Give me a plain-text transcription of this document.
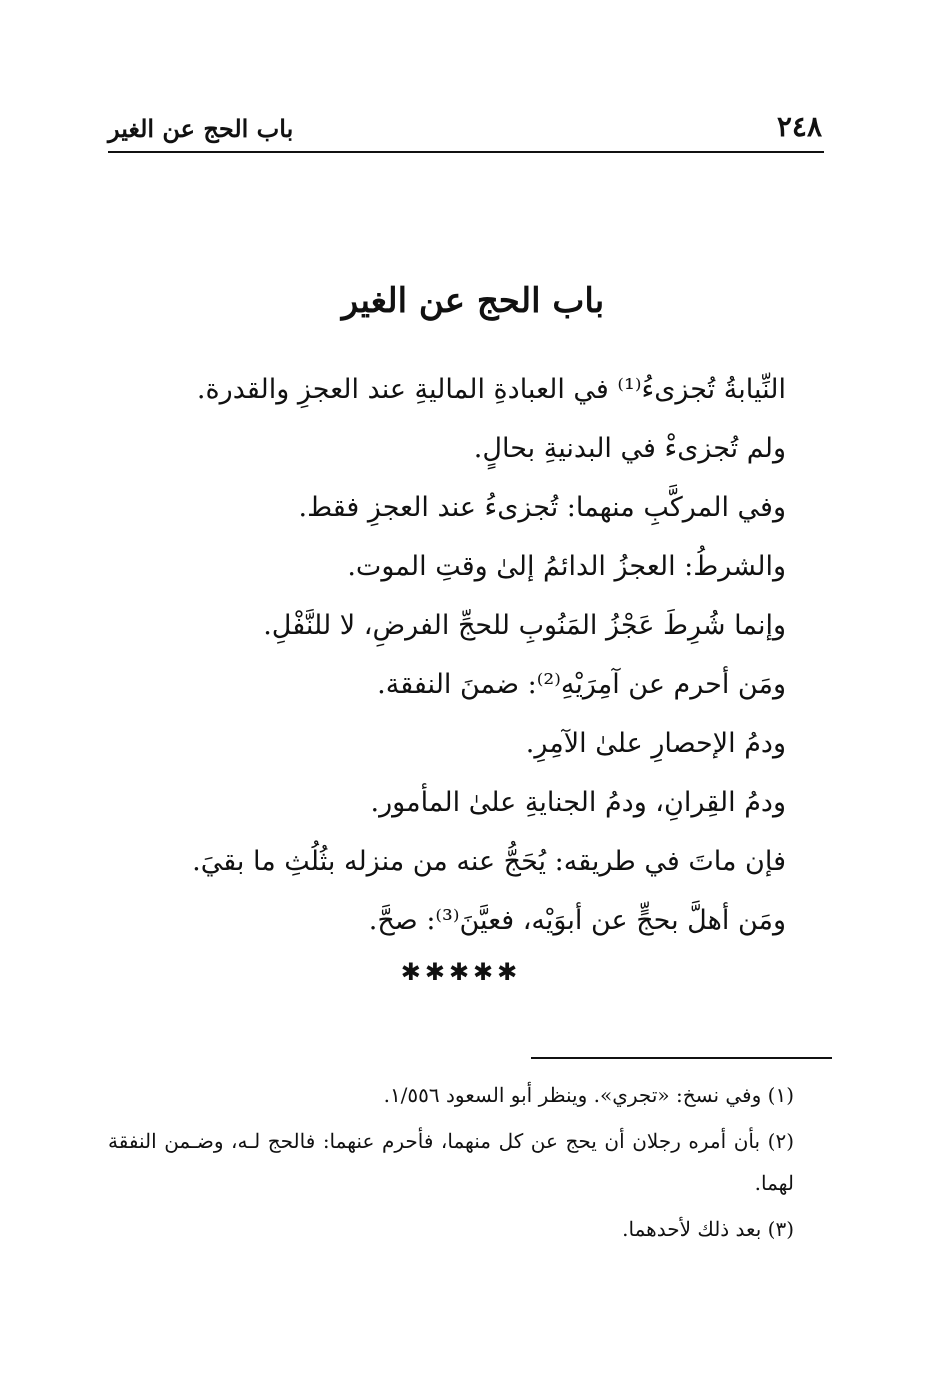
٢٤٨
باب الحج عن الغير
باب الحج عن الغير
النِّيابةُ تُجزىءُ⁽¹⁾ في العبادةِ الماليةِ عند العجزِ والقدرة.
ولم تُجزىءْ في البدنيةِ بحالٍ.
وفي المركَّبِ منهما: تُجزىءُ عند العجزِ فقط.
والشرطُ: العجزُ الدائمُ إلىٰ وقتِ الموت.
وإنما شُرِطَ عَجْزُ المَنُوبِ للحجِّ الفرضِ، لا للنَّفْلِ.
ومَن أحرم عن آمِرَيْهِ⁽²⁾: ضمنَ النفقة.
ودمُ الإحصارِ علىٰ الآمِرِ.
ودمُ القِرانِ، ودمُ الجنايةِ علىٰ المأمور.
فإن ماتَ في طريقه: يُحَجُّ عنه من منزله بثُلُثِ ما بقيَ.
ومَن أهلَّ بحجٍّ عن أبوَيْه، فعيَّنَ⁽³⁾: صحَّ.
✱✱✱✱✱
(١) وفي نسخ: «تجري». وينظر أبو السعود ١/٥٥٦.
(٢) بأن أمره رجلان أن يحج عن كل منهما، فأحرم عنهما: فالحج لـه، وضـمن النفقة لهما.
(٣) بعد ذلك لأحدهما.
